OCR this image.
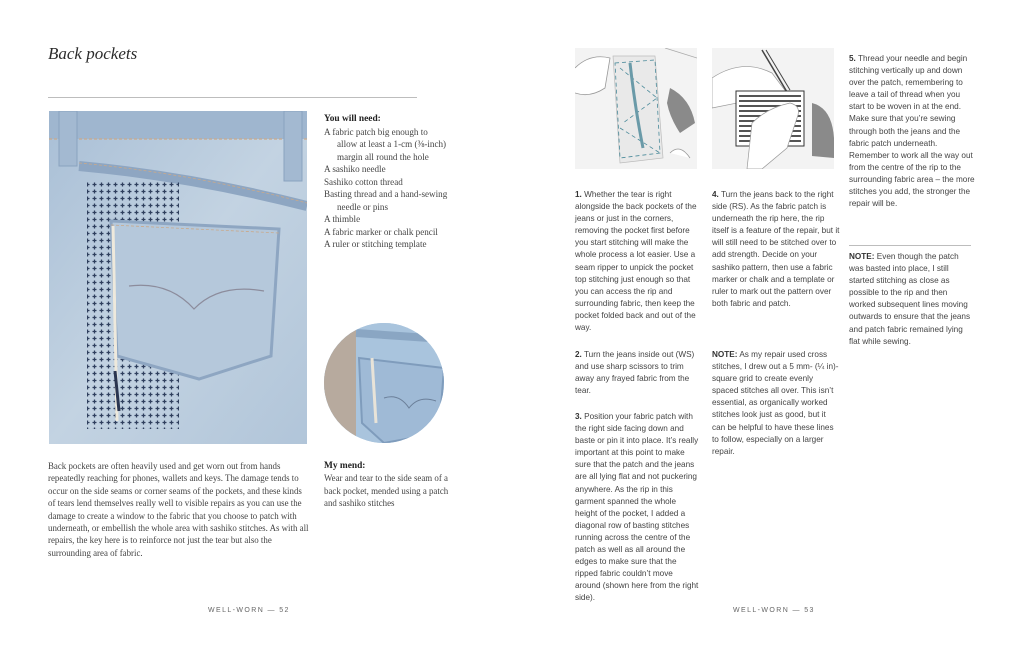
Back pockets
You will need:
A fabric patch big enough to allow at least a 1-cm (⅜-inch) margin all round the hole
A sashiko needle
Sashiko cotton thread
Basting thread and a hand-sewing needle or pins
A thimble
A fabric marker or chalk pencil
A ruler or stitching template
Back pockets are often heavily used and get worn out from hands repeatedly reaching for phones, wallets and keys. The damage tends to occur on the side seams or corner seams of the pockets, and these kinds of tears lend themselves really well to visible repairs as you can use the damage to create a window to the fabric that you choose to patch with underneath, or embellish the whole area with sashiko stitches. As with all repairs, the key here is to reinforce not just the tear but also the surrounding area of fabric.
My mend:
Wear and tear to the side seam of a back pocket, mended using a patch and sashiko stitches
WELL-WORN — 52
1. Whether the tear is right alongside the back pockets of the jeans or just in the corners, removing the pocket first before you start stitching will make the whole process a lot easier. Use a seam ripper to unpick the pocket top stitching just enough so that you can access the rip and surrounding fabric, then keep the pocket folded back and out of the way.
2. Turn the jeans inside out (WS) and use sharp scissors to trim away any frayed fabric from the tear.
3. Position your fabric patch with the right side facing down and baste or pin it into place. It’s really important at this point to make sure that the patch and the jeans are all lying flat and not puckering anywhere. As the rip in this garment spanned the whole height of the pocket, I added a diagonal row of basting stitches running across the centre of the patch as well as all around the edges to make sure that the ripped fabric couldn’t move around (shown here from the right side).
4. Turn the jeans back to the right side (RS). As the fabric patch is underneath the rip here, the rip itself is a feature of the repair, but it will still need to be stitched over to add strength. Decide on your sashiko pattern, then use a fabric marker or chalk and a template or ruler to mark out the pattern over both fabric and patch.
NOTE: As my repair used cross stitches, I drew out a 5 mm- (¼ in)-square grid to create evenly spaced stitches all over. This isn’t essential, as organically worked stitches look just as good, but it can be helpful to have these lines to follow, especially on a larger repair.
5. Thread your needle and begin stitching vertically up and down over the patch, remembering to leave a tail of thread when you start to be woven in at the end. Make sure that you’re sewing through both the jeans and the fabric patch underneath. Remember to work all the way out from the centre of the rip to the surrounding fabric area – the more stitches you add, the stronger the repair will be.
NOTE: Even though the patch was basted into place, I still started stitching as close as possible to the rip and then worked subsequent lines moving outwards to ensure that the jeans and patch fabric remained lying flat while sewing.
WELL-WORN — 53
